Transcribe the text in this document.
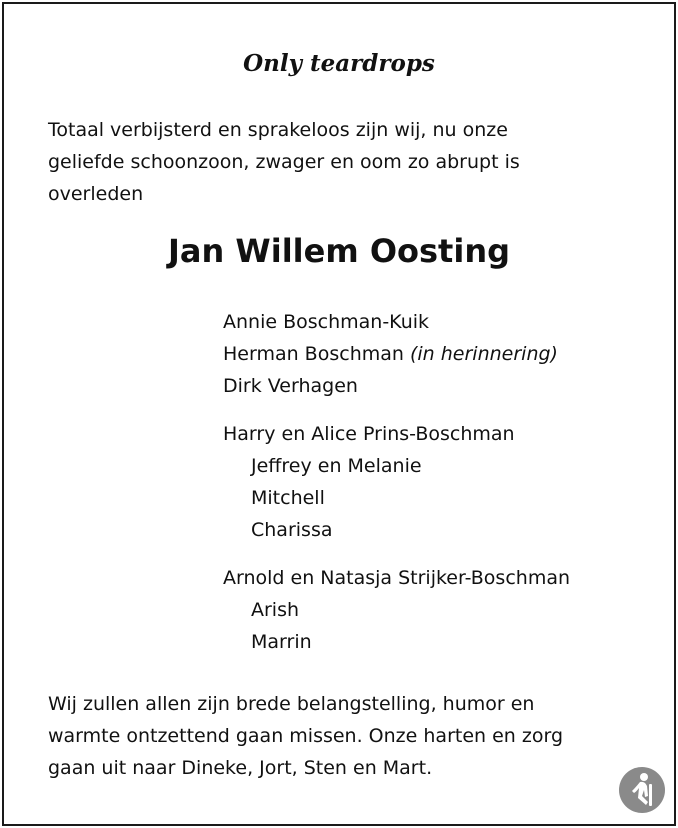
Only teardrops
Totaal verbijsterd en sprakeloos zijn wij, nu onze
geliefde schoonzoon, zwager en oom zo abrupt is
overleden
Jan Willem Oosting
Annie Boschman-Kuik
Herman Boschman (in herinnering)
Dirk Verhagen
Harry en Alice Prins-Boschman
Jeffrey en Melanie
Mitchell
Charissa
Arnold en Natasja Strijker-Boschman
Arish
Marrin
Wij zullen allen zijn brede belangstelling, humor en
warmte ontzettend gaan missen. Onze harten en zorg
gaan uit naar Dineke, Jort, Sten en Mart.
